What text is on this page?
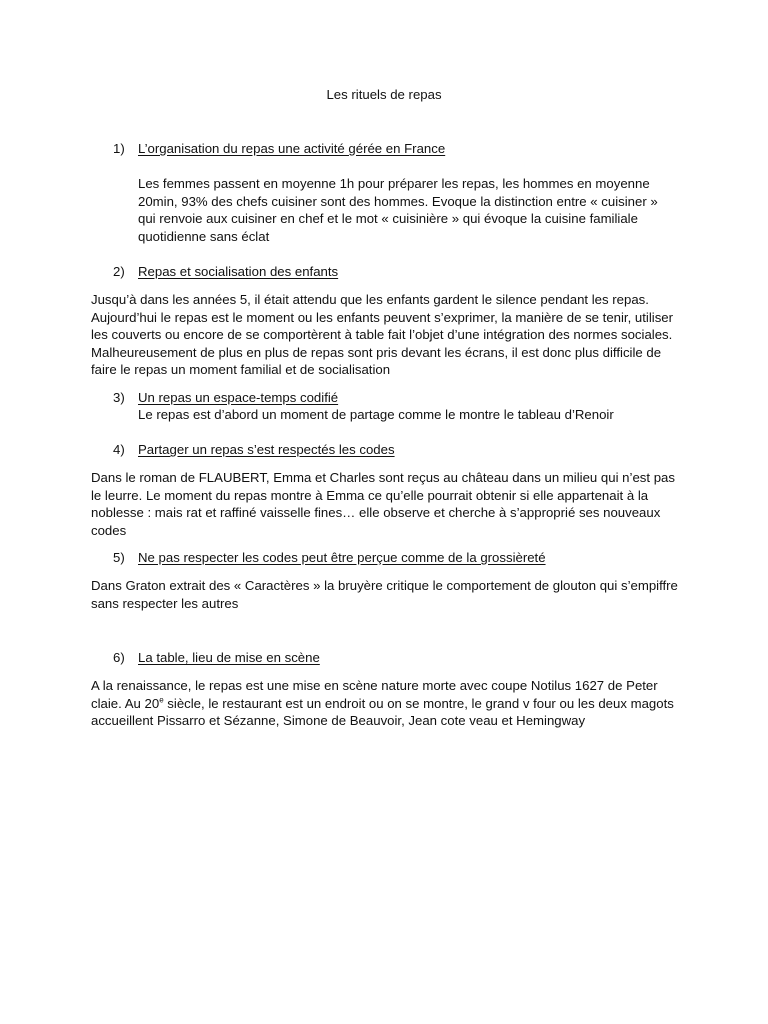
Les rituels de repas
1) L’organisation du repas une activité gérée en France

Les femmes passent en moyenne 1h pour préparer les repas, les hommes en moyenne 20min, 93% des chefs cuisiner sont des hommes. Evoque la distinction entre « cuisiner » qui renvoie aux cuisiner en chef et le mot « cuisinière » qui évoque la cuisine familiale quotidienne sans éclat

2) Repas et socialisation des enfants

Jusqu’à dans les années 5, il était attendu que les enfants gardent le silence pendant les repas. Aujourd’hui le repas est le moment ou les enfants peuvent s’exprimer, la manière de se tenir, utiliser les couverts ou encore de se comportèrent à table fait l’objet d’une intégration des normes sociales. Malheureusement de plus en plus de repas sont pris devant les écrans, il est donc plus difficile de faire le repas un moment familial et de socialisation

3) Un repas un espace-temps codifié

Le repas est d’abord un moment de partage comme le montre le tableau d’Renoir

4) Partager un repas s’est respectés les codes

Dans le roman de FLAUBERT, Emma et Charles sont reçus au château dans un milieu qui n’est pas le leurre. Le moment du repas montre à Emma ce qu’elle pourrait obtenir si elle appartenait à la noblesse : mais rat et raffiné vaisselle fines… elle observe et cherche à s’approprié ses nouveaux codes

5) Ne pas respecter les codes peut être perçue comme de la grossièreté

Dans Graton extrait des « Caractères » la bruyère critique le comportement de glouton qui s’empiffre sans respecter les autres

6) La table, lieu de mise en scène

A la renaissance, le repas est une mise en scène nature morte avec coupe Notilus 1627 de Peter claie. Au 20e siècle, le restaurant est un endroit ou on se montre, le grand v four ou les deux magots accueillent Pissarro et Sézanne, Simone de Beauvoir, Jean cote veau et Hemingway
